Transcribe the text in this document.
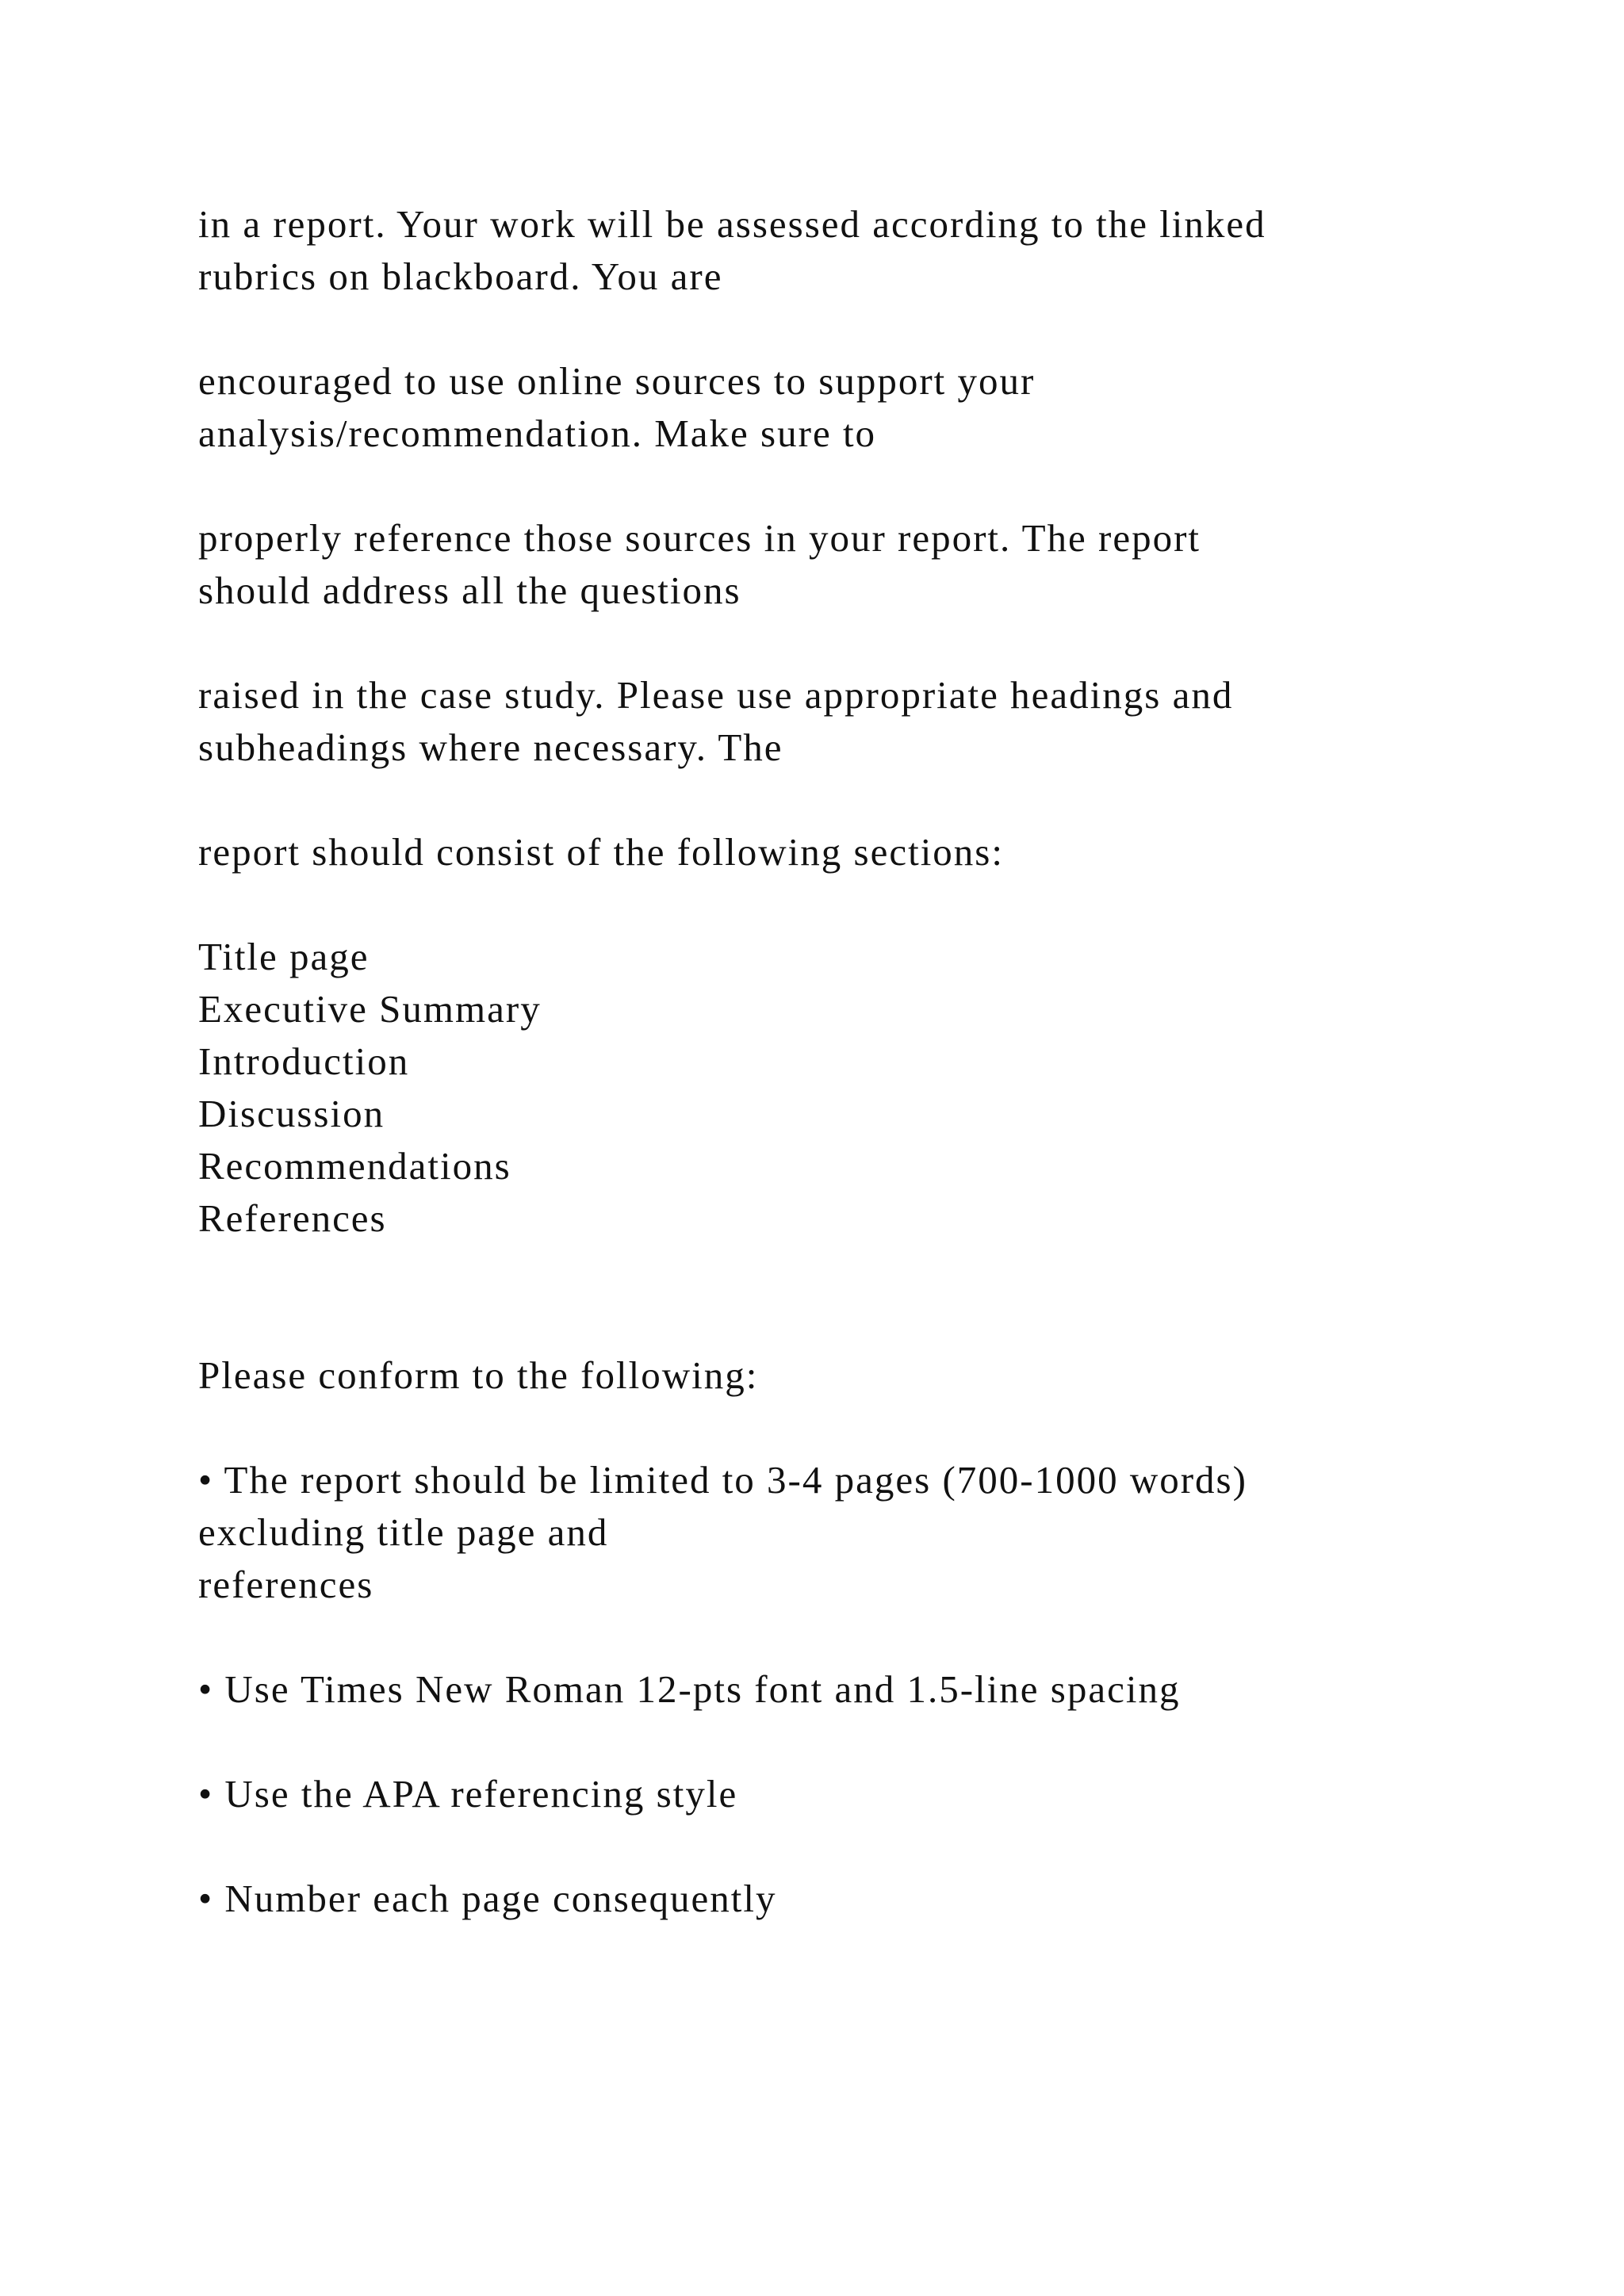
in a report. Your work will be assessed according to the linked

rubrics on blackboard. You are

encouraged to use online sources to support your

analysis/recommendation. Make sure to

properly reference those sources in your report. The report

should address all the questions

raised in the case study. Please use appropriate headings and

subheadings where necessary. The

report should consist of the following sections:

Title page

Executive Summary

Introduction

Discussion

Recommendations

References

Please conform to the following:

• The report should be limited to 3-4 pages (700-1000 words)

excluding title page and

references

• Use Times New Roman 12-pts font and 1.5-line spacing

• Use the APA referencing style

• Number each page consequently
